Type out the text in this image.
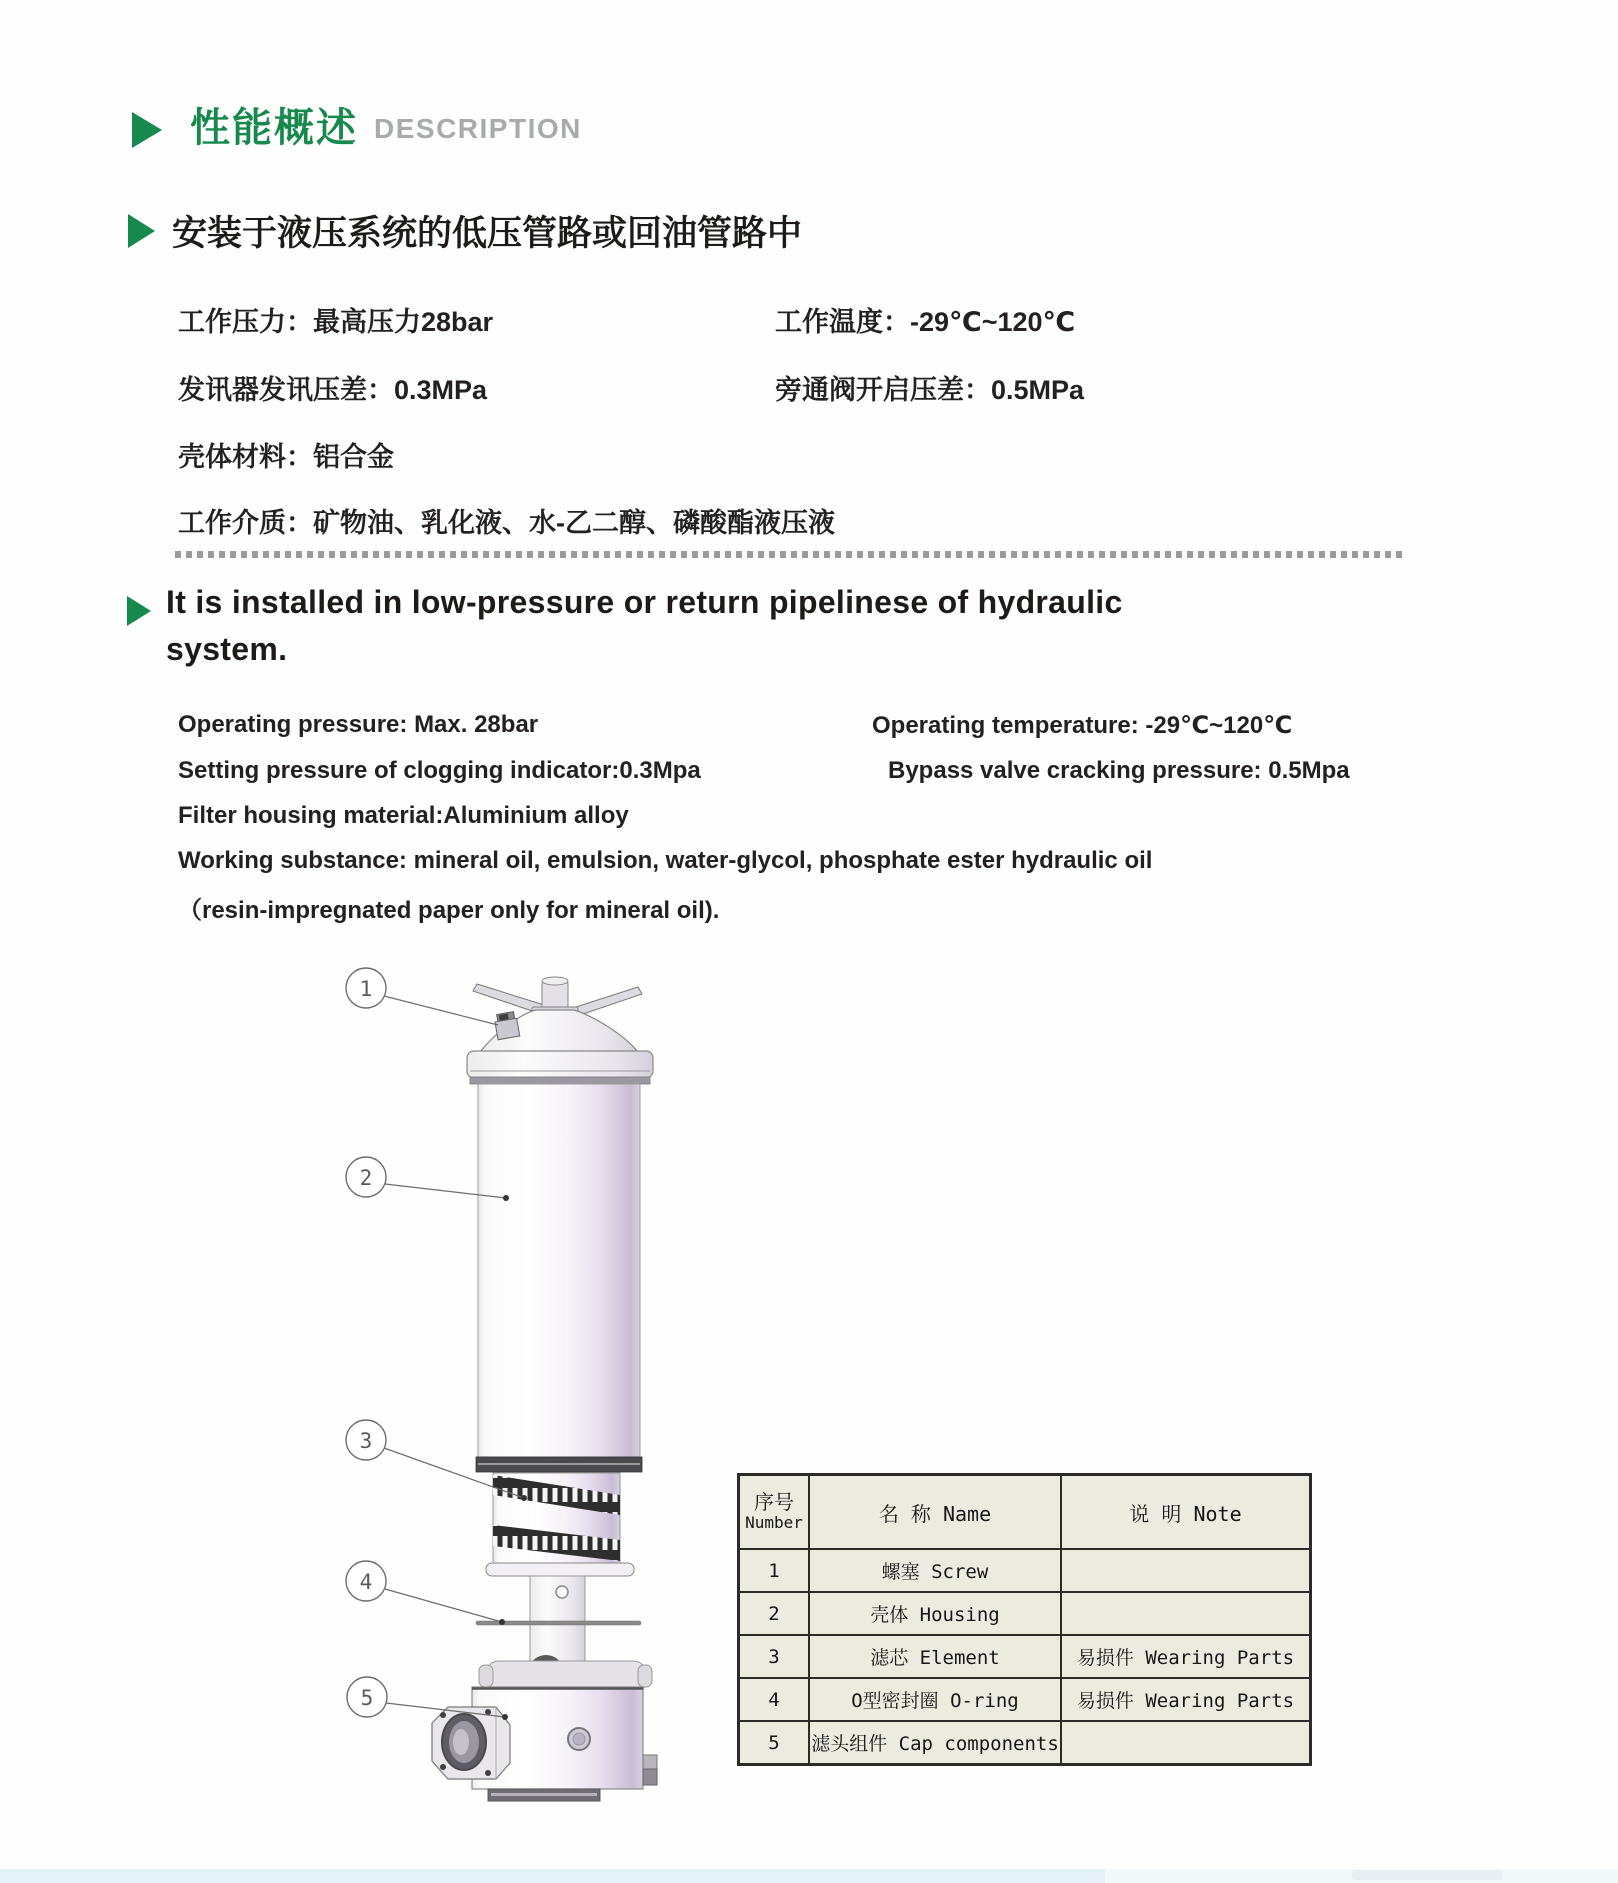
性能概述 DESCRIPTION
安装于液压系统的低压管路或回油管路中
工作压力：最高压力28bar	工作温度：-29℃~120℃
发讯器发讯压差：0.3MPa	旁通阀开启压差：0.5MPa
壳体材料：铝合金
工作介质：矿物油、乳化液、水-乙二醇、磷酸酯液压液
It is installed in low-pressure or return pipelinese of hydraulic
system.
Operating pressure: Max. 28bar	Operating temperature: -29℃~120℃
Setting pressure of clogging indicator:0.3Mpa	Bypass valve cracking pressure: 0.5Mpa
Filter housing material:Aluminium alloy
Working substance: mineral oil, emulsion, water-glycol, phosphate ester hydraulic oil
（resin-impregnated paper only for mineral oil).
1
2
3
4
5
序号
Number	名 称 Name	说 明 Note
1	螺塞 Screw
2	壳体 Housing
3	滤芯 Element	易损件 Wearing Parts
4	O型密封圈 O-ring	易损件 Wearing Parts
5	滤头组件 Cap components
